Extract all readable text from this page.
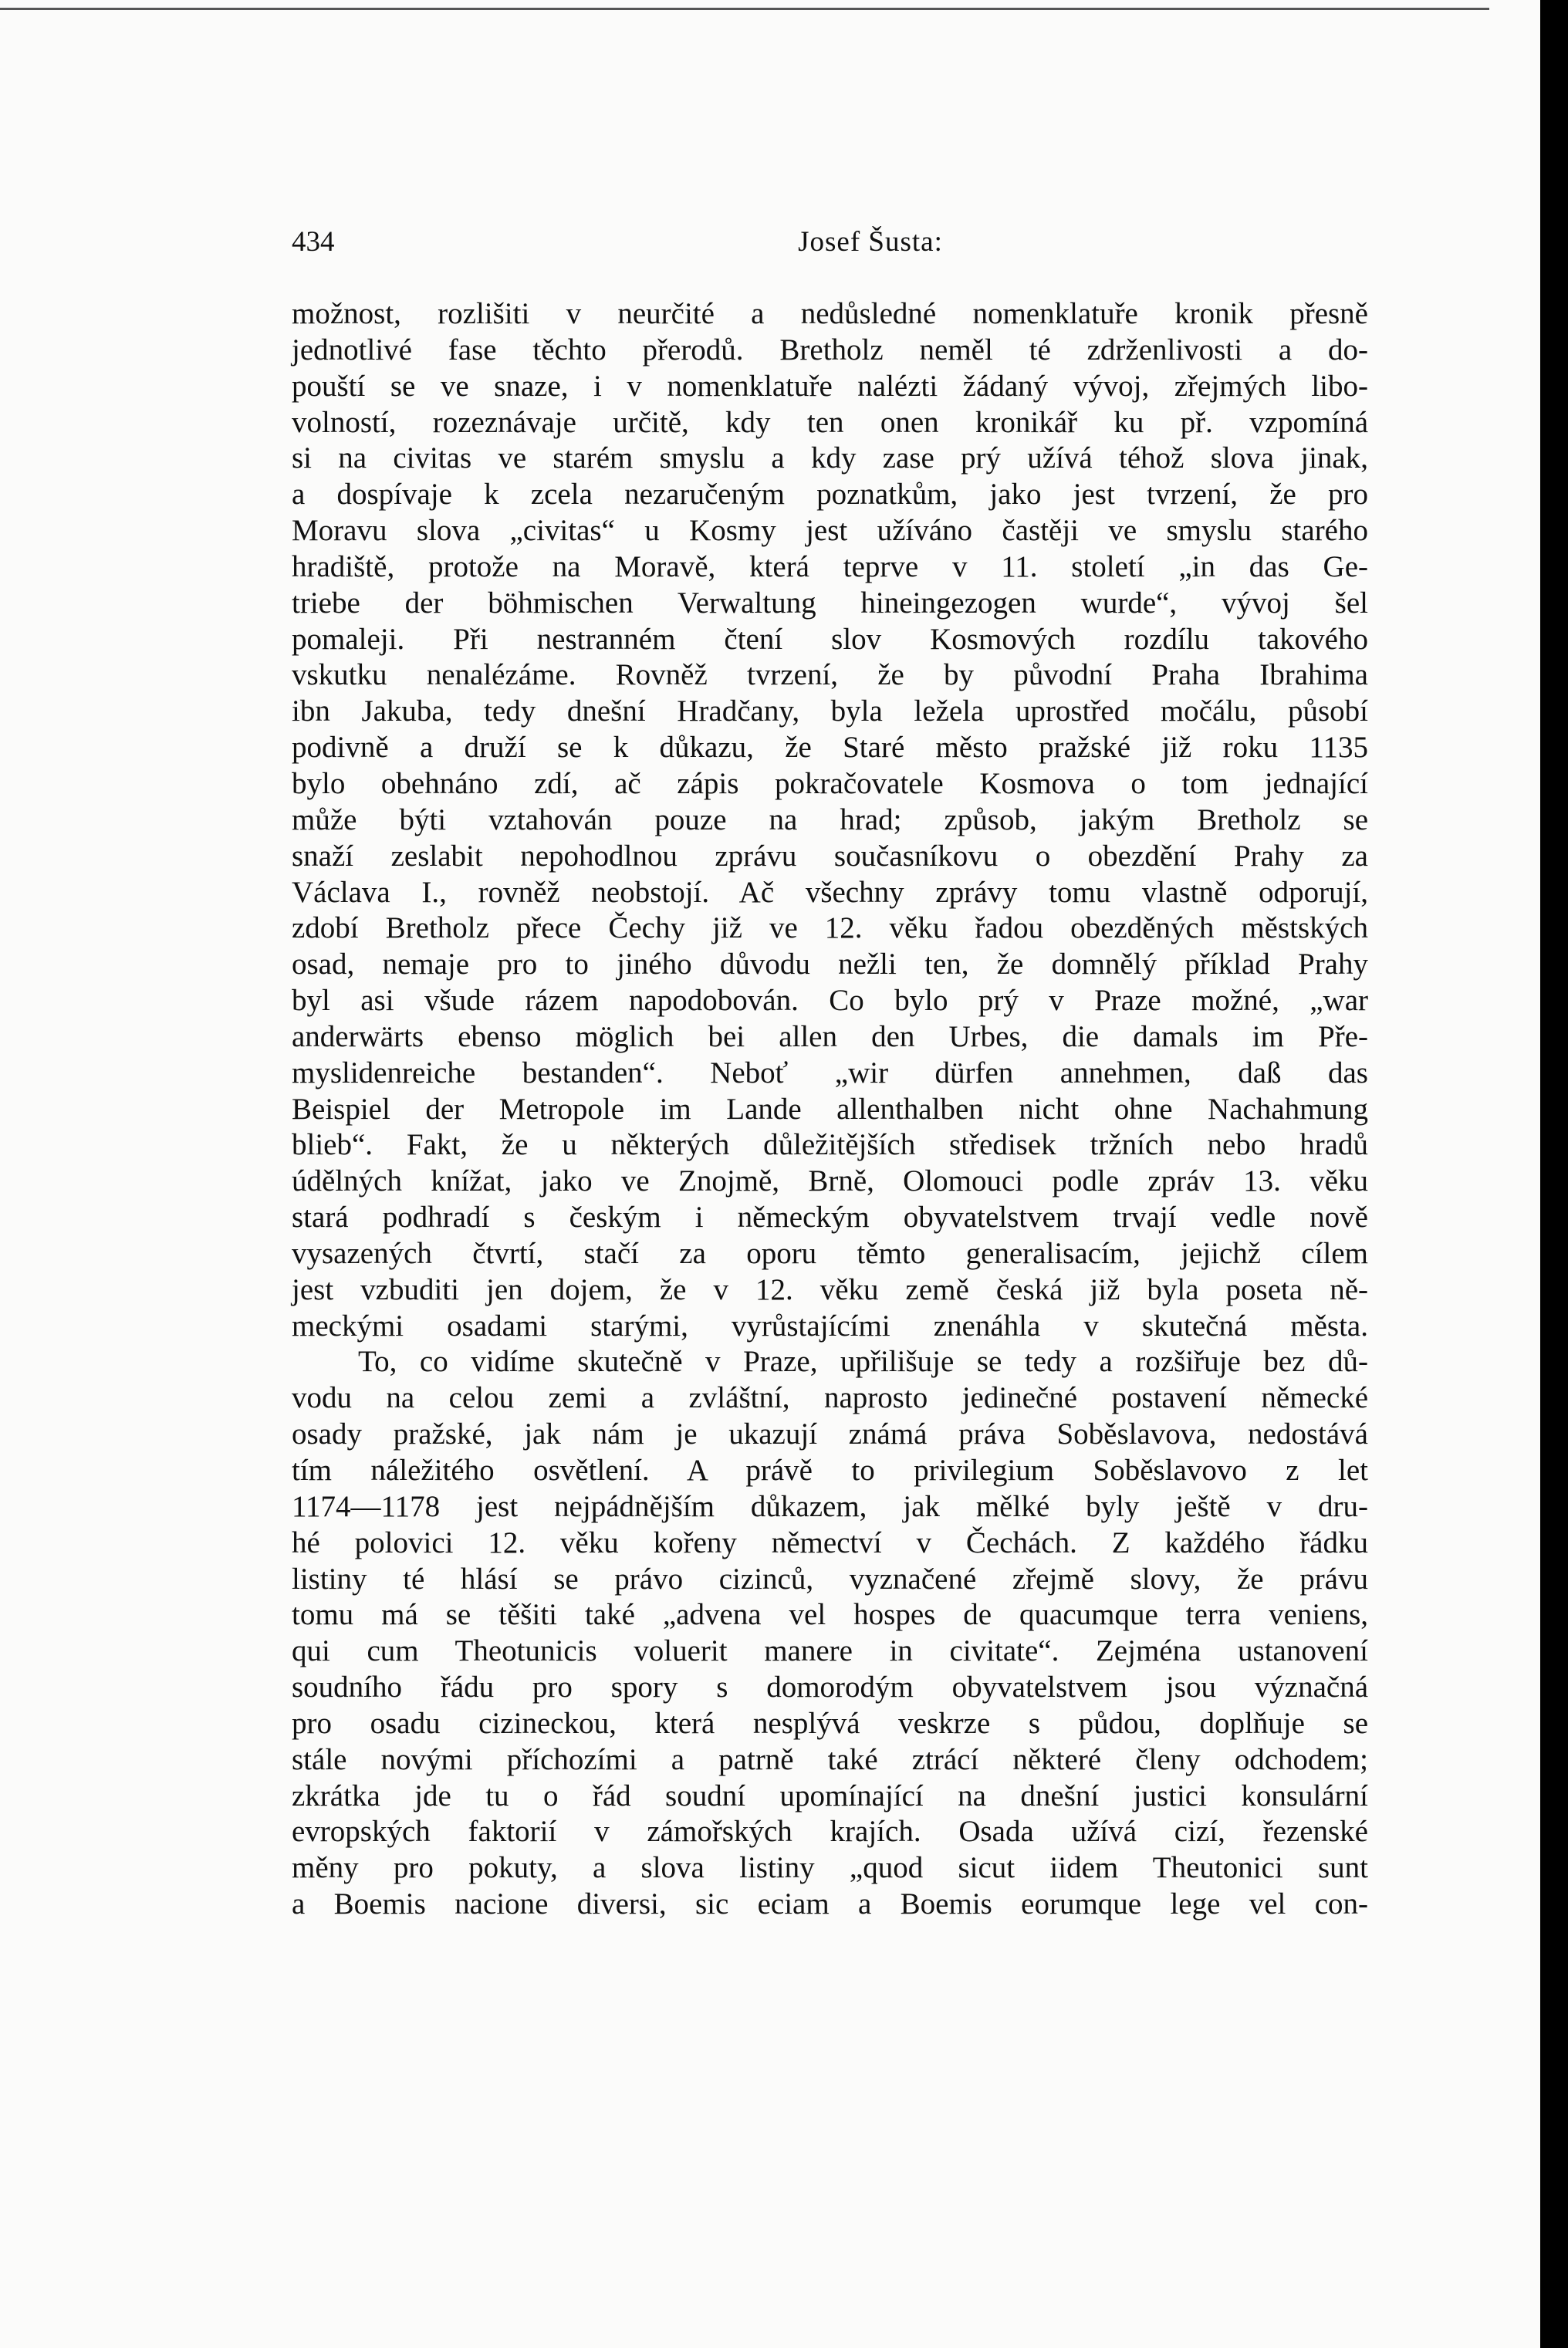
434	Josef Šusta:
možnost, rozlišiti v neurčité a nedůsledné nomenklatuře kronik přesně
jednotlivé fase těchto přerodů. Bretholz neměl té zdrženlivosti a do-
pouští se ve snaze, i v nomenklatuře nalézti žádaný vývoj, zřejmých libo-
volností, rozeznávaje určitě, kdy ten onen kronikář ku př. vzpomíná
si na civitas ve starém smyslu a kdy zase prý užívá téhož slova jinak,
a dospívaje k zcela nezaručeným poznatkům, jako jest tvrzení, že pro
Moravu slova „civitas“ u Kosmy jest užíváno častěji ve smyslu starého
hradiště, protože na Moravě, která teprve v 11. století „in das Ge-
triebe der böhmischen Verwaltung hineingezogen wurde“, vývoj šel
pomaleji. Při nestranném čtení slov Kosmových rozdílu takového
vskutku nenalézáme. Rovněž tvrzení, že by původní Praha Ibrahima
ibn Jakuba, tedy dnešní Hradčany, byla ležela uprostřed močálu, působí
podivně a druží se k důkazu, že Staré město pražské již roku 1135
bylo obehnáno zdí, ač zápis pokračovatele Kosmova o tom jednající
může býti vztahován pouze na hrad; způsob, jakým Bretholz se
snaží zeslabit nepohodlnou zprávu současníkovu o obezdění Prahy za
Václava I., rovněž neobstojí. Ač všechny zprávy tomu vlastně odporují,
zdobí Bretholz přece Čechy již ve 12. věku řadou obezděných městských
osad, nemaje pro to jiného důvodu nežli ten, že domnělý příklad Prahy
byl asi všude rázem napodobován. Co bylo prý v Praze možné, „war
anderwärts ebenso möglich bei allen den Urbes, die damals im Pře-
myslidenreiche bestanden“. Neboť „wir dürfen annehmen, daß das
Beispiel der Metropole im Lande allenthalben nicht ohne Nachahmung
blieb“. Fakt, že u některých důležitějších středisek tržních nebo hradů
údělných knížat, jako ve Znojmě, Brně, Olomouci podle zpráv 13. věku
stará podhradí s českým i německým obyvatelstvem trvají vedle nově
vysazených čtvrtí, stačí za oporu těmto generalisacím, jejichž cílem
jest vzbuditi jen dojem, že v 12. věku země česká již byla poseta ně-
meckými osadami starými, vyrůstajícími znenáhla v skutečná města.
To, co vidíme skutečně v Praze, upřilišuje se tedy a rozšiřuje bez dů-
vodu na celou zemi a zvláštní, naprosto jedinečné postavení německé
osady pražské, jak nám je ukazují známá práva Soběslavova, nedostává
tím náležitého osvětlení. A právě to privilegium Soběslavovo z let
1174—1178 jest nejpádnějším důkazem, jak mělké byly ještě v dru-
hé polovici 12. věku kořeny němectví v Čechách. Z každého řádku
listiny té hlásí se právo cizinců, vyznačené zřejmě slovy, že právu
tomu má se těšiti také „advena vel hospes de quacumque terra veniens,
qui cum Theotunicis voluerit manere in civitate“. Zejména ustanovení
soudního řádu pro spory s domorodým obyvatelstvem jsou význačná
pro osadu cizineckou, která nesplývá veskrze s půdou, doplňuje se
stále novými příchozími a patrně také ztrácí některé členy odchodem;
zkrátka jde tu o řád soudní upomínající na dnešní justici konsulární
evropských faktorií v zámořských krajích. Osada užívá cizí, řezenské
měny pro pokuty, a slova listiny „quod sicut iidem Theutonici sunt
a Boemis nacione diversi, sic eciam a Boemis eorumque lege vel con-
